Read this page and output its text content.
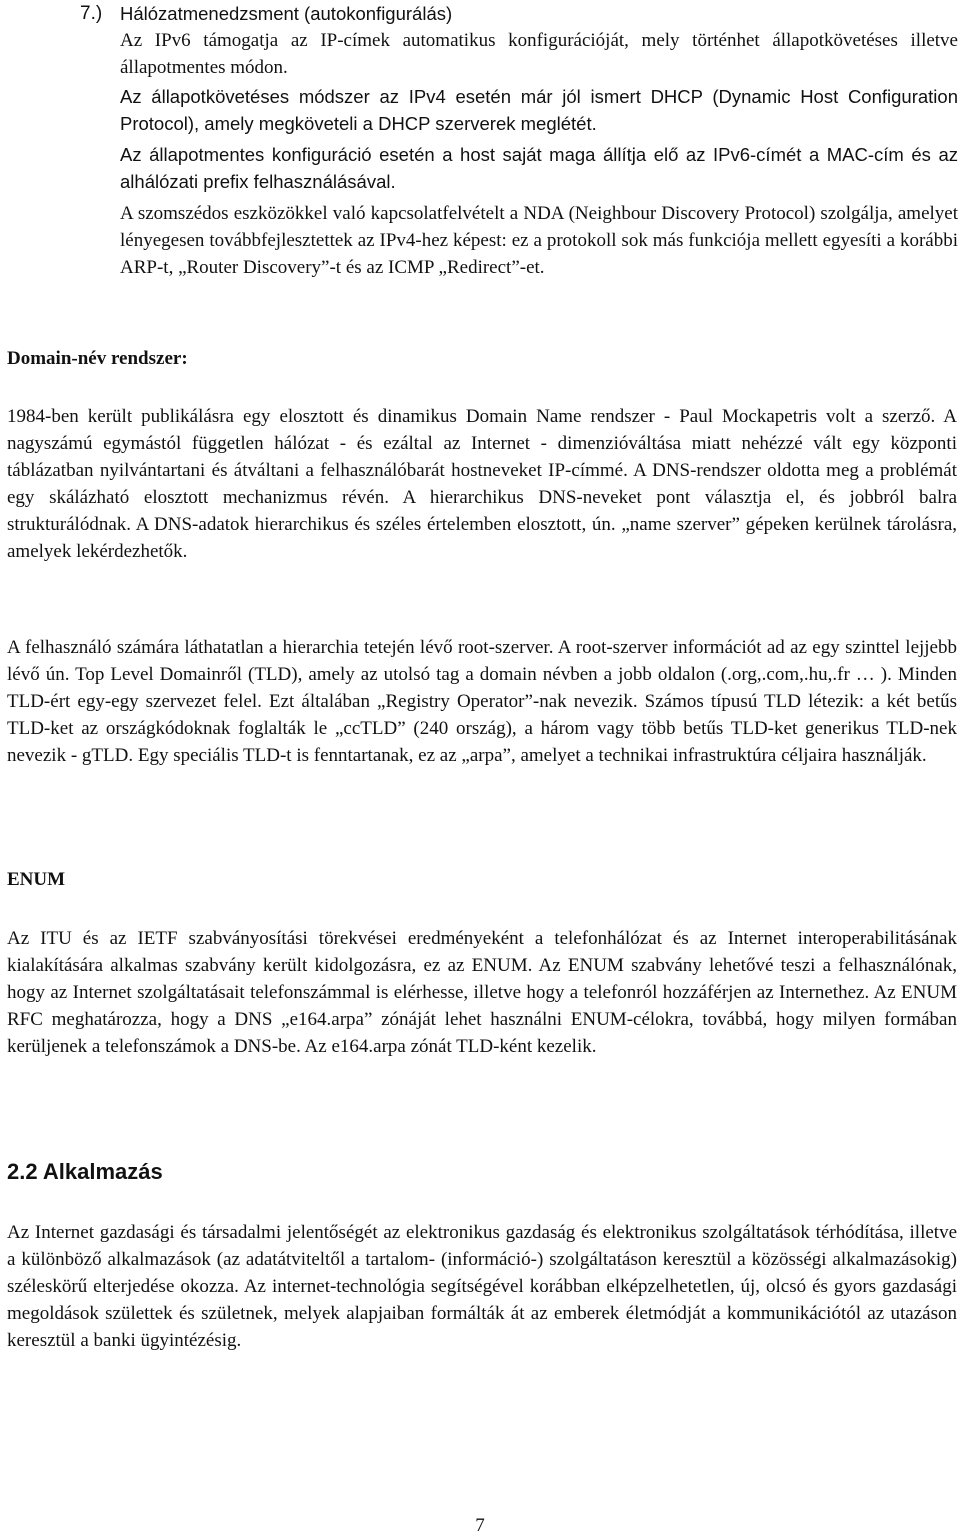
7.) Hálózatmenedzsment (autokonfigurálás)

Az IPv6 támogatja az IP-címek automatikus konfigurációját, mely történhet állapotkövetéses illetve állapotmentes módon.

Az állapotkövetéses módszer az IPv4 esetén már jól ismert DHCP (Dynamic Host Configuration Protocol), amely megköveteli a DHCP szerverek meglétét.

Az állapotmentes konfiguráció esetén a host saját maga állítja elő az IPv6-címét a MAC-cím és az alhálózati prefix felhasználásával.

A szomszédos eszközökkel való kapcsolatfelvételt a NDA (Neighbour Discovery Protocol) szolgálja, amelyet lényegesen továbbfejlesztettek az IPv4-hez képest: ez a protokoll sok más funkciója mellett egyesíti a korábbi ARP-t, „Router Discovery”-t és az ICMP „Redirect”-et.

Domain-név rendszer:

1984-ben került publikálásra egy elosztott és dinamikus Domain Name rendszer - Paul Mockapetris volt a szerző. A nagyszámú egymástól független hálózat - és ezáltal az Internet - dimenzióváltása miatt nehézzé vált egy központi táblázatban nyilvántartani és átváltani a felhasználóbarát hostneveket IP-címmé. A DNS-rendszer oldotta meg a problémát egy skálázható elosztott mechanizmus révén. A hierarchikus DNS-neveket pont választja el, és jobbról balra strukturálódnak. A DNS-adatok hierarchikus és széles értelemben elosztott, ún. „name szerver” gépeken kerülnek tárolásra, amelyek lekérdezhetők.

A felhasználó számára láthatatlan a hierarchia tetején lévő root-szerver. A root-szerver információt ad az egy szinttel lejjebb lévő ún. Top Level Domainről (TLD), amely az utolsó tag a domain névben a jobb oldalon (.org,.com,.hu,.fr … ). Minden TLD-ért egy-egy szervezet felel. Ezt általában „Registry Operator”-nak nevezik. Számos típusú TLD létezik: a két betűs TLD-ket az országkódoknak foglalták le „ccTLD” (240 ország), a három vagy több betűs TLD-ket generikus TLD-nek nevezik - gTLD. Egy speciális TLD-t is fenntartanak, ez az „arpa”, amelyet a technikai infrastruktúra céljaira használják.

ENUM

Az ITU és az IETF szabványosítási törekvései eredményeként a telefonhálózat és az Internet interoperabilitásának kialakítására alkalmas szabvány került kidolgozásra, ez az ENUM. Az ENUM szabvány lehetővé teszi a felhasználónak, hogy az Internet szolgáltatásait telefonszámmal is elérhesse, illetve hogy a telefonról hozzáférjen az Internethez. Az ENUM RFC meghatározza, hogy a DNS „e164.arpa” zónáját lehet használni ENUM-célokra, továbbá, hogy milyen formában kerüljenek a telefonszámok a DNS-be. Az e164.arpa zónát TLD-ként kezelik.

2.2 Alkalmazás

Az Internet gazdasági és társadalmi jelentőségét az elektronikus gazdaság és elektronikus szolgáltatások térhódítása, illetve a különböző alkalmazások (az adatátviteltől a tartalom- (információ-) szolgáltatáson keresztül a közösségi alkalmazásokig) széleskörű elterjedése okozza. Az internet-technológia segítségével korábban elképzelhetetlen, új, olcsó és gyors gazdasági megoldások születtek és születnek, melyek alapjaiban formálták át az emberek életmódját a kommunikációtól az utazáson keresztül a banki ügyintézésig.

7
